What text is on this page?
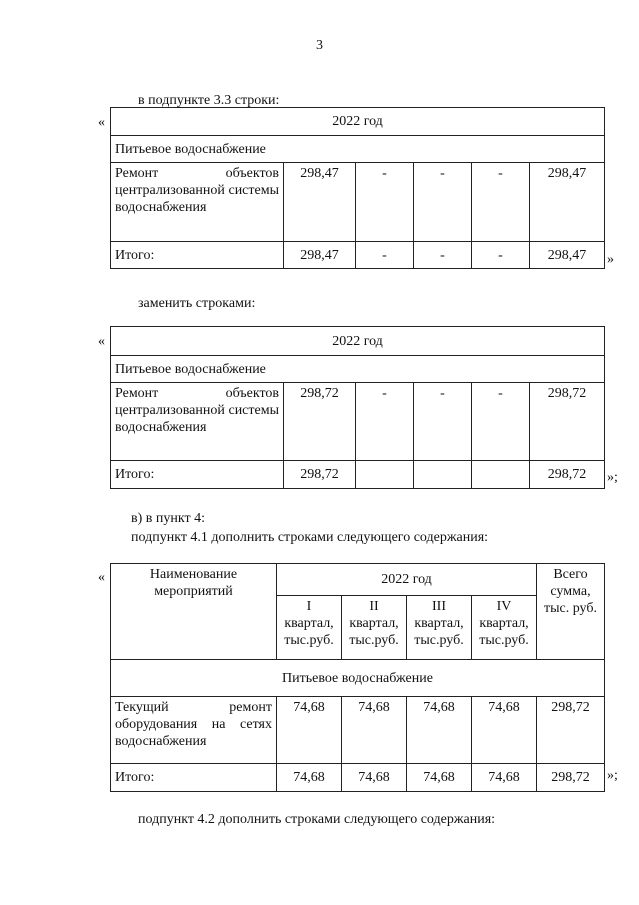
3
в подпункте 3.3 строки:
«	2022 год					
Питьевое водоснабжение					
Ремонт объектов централизованной системы водоснабжения	298,47	-	-	-	298,47
Итого:	298,47	-	-	-	298,47 »
заменить строками:
«	2022 год					
Питьевое водоснабжение					
Ремонт объектов централизованной системы водоснабжения	298,72	-	-	-	298,72
Итого:	298,72				298,72 »;
в) в пункт 4:
подпункт 4.1 дополнить строками следующего содержания:
«	Наименование мероприятий	2022 год				Всего сумма, тыс. руб.
	I квартал, тыс.руб.	II квартал, тыс.руб.	III квартал, тыс.руб.	IV квартал, тыс.руб.	
Питьевое водоснабжение					
Текущий ремонт оборудования на сетях водоснабжения	74,68	74,68	74,68	74,68	298,72
Итого:	74,68	74,68	74,68	74,68	298,72 »;
подпункт 4.2 дополнить строками следующего содержания:
